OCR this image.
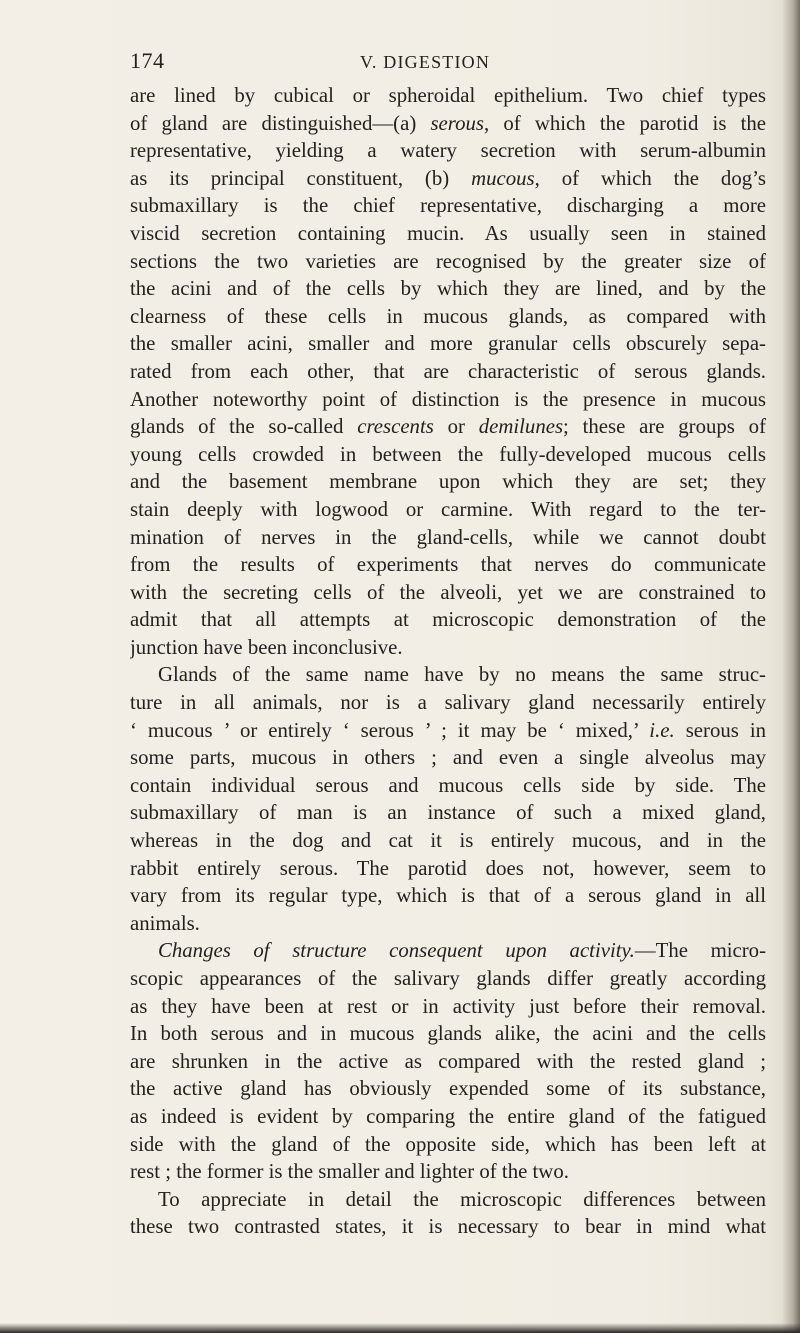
174	V. DIGESTION
are lined by cubical or spheroidal epithelium. Two chief types
of gland are distinguished—(a) serous, of which the parotid is the
representative, yielding a watery secretion with serum-albumin
as its principal constituent, (b) mucous, of which the dog’s
submaxillary is the chief representative, discharging a more
viscid secretion containing mucin. As usually seen in stained
sections the two varieties are recognised by the greater size of
the acini and of the cells by which they are lined, and by the
clearness of these cells in mucous glands, as compared with
the smaller acini, smaller and more granular cells obscurely sepa-
rated from each other, that are characteristic of serous glands.
Another noteworthy point of distinction is the presence in mucous
glands of the so-called crescents or demilunes; these are groups of
young cells crowded in between the fully-developed mucous cells
and the basement membrane upon which they are set; they
stain deeply with logwood or carmine. With regard to the ter-
mination of nerves in the gland-cells, while we cannot doubt
from the results of experiments that nerves do communicate
with the secreting cells of the alveoli, yet we are constrained to
admit that all attempts at microscopic demonstration of the
junction have been inconclusive.
Glands of the same name have by no means the same struc-
ture in all animals, nor is a salivary gland necessarily entirely
‘ mucous ’ or entirely ‘ serous ’ ; it may be ‘ mixed,’ i.e. serous in
some parts, mucous in others ; and even a single alveolus may
contain individual serous and mucous cells side by side. The
submaxillary of man is an instance of such a mixed gland,
whereas in the dog and cat it is entirely mucous, and in the
rabbit entirely serous. The parotid does not, however, seem to
vary from its regular type, which is that of a serous gland in all
animals.
Changes of structure consequent upon activity.—The micro-
scopic appearances of the salivary glands differ greatly according
as they have been at rest or in activity just before their removal.
In both serous and in mucous glands alike, the acini and the cells
are shrunken in the active as compared with the rested gland ;
the active gland has obviously expended some of its substance,
as indeed is evident by comparing the entire gland of the fatigued
side with the gland of the opposite side, which has been left at
rest ; the former is the smaller and lighter of the two.
To appreciate in detail the microscopic differences between
these two contrasted states, it is necessary to bear in mind what
